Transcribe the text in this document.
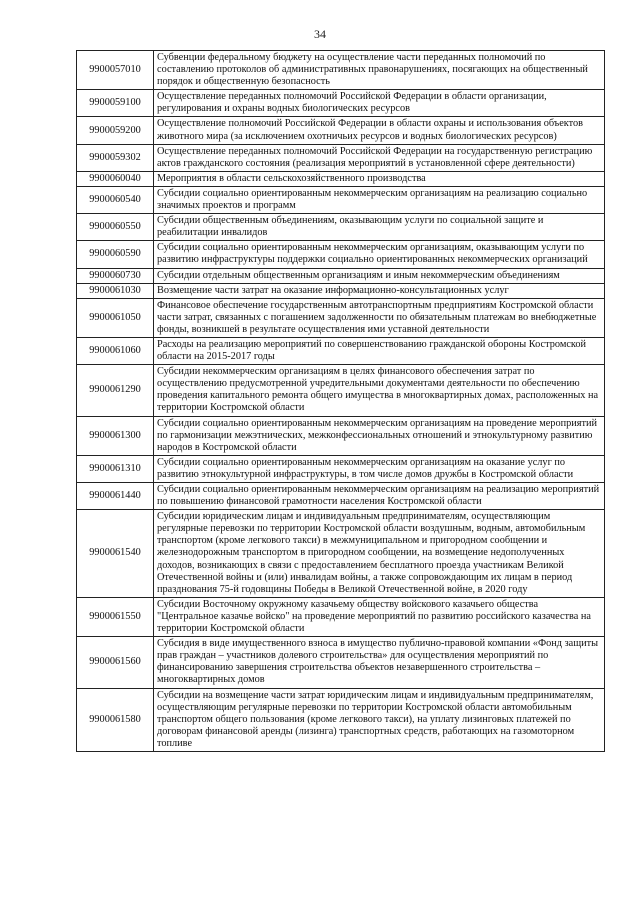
34
9900057010	Субвенции федеральному бюджету на осуществление части переданных полномочий по составлению протоколов об административных правонарушениях, посягающих на общественный порядок и общественную безопасность
9900059100	Осуществление переданных полномочий Российской Федерации в области организации, регулирования и охраны водных биологических ресурсов
9900059200	Осуществление полномочий Российской Федерации в области охраны и использования объектов животного мира (за исключением охотничьих ресурсов и водных биологических ресурсов)
9900059302	Осуществление переданных полномочий Российской Федерации на государственную регистрацию актов гражданского состояния (реализация мероприятий в установленной сфере деятельности)
9900060040	Мероприятия в области сельскохозяйственного производства
9900060540	Субсидии социально ориентированным некоммерческим организациям на реализацию социально значимых проектов и программ
9900060550	Субсидии общественным объединениям, оказывающим услуги по социальной защите и реабилитации инвалидов
9900060590	Субсидии социально ориентированным некоммерческим организациям, оказывающим услуги по развитию инфраструктуры поддержки социально ориентированных некоммерческих организаций
9900060730	Субсидии отдельным общественным организациям и иным некоммерческим объединениям
9900061030	Возмещение части затрат на оказание информационно-консультационных услуг
9900061050	Финансовое обеспечение государственным автотранспортным предприятиям Костромской области части затрат, связанных с погашением задолженности по обязательным платежам во внебюджетные фонды, возникшей в результате осуществления ими уставной деятельности
9900061060	Расходы на реализацию мероприятий по совершенствованию гражданской обороны Костромской области на 2015-2017 годы
9900061290	Субсидии некоммерческим организациям в целях финансового обеспечения затрат по осуществлению предусмотренной учредительными документами деятельности по обеспечению проведения капитального ремонта общего имущества в многоквартирных домах, расположенных на территории Костромской области
9900061300	Субсидии социально ориентированным некоммерческим организациям на проведение мероприятий по гармонизации межэтнических, межконфессиональных отношений и этнокультурному развитию народов в Костромской области
9900061310	Субсидии социально ориентированным некоммерческим организациям на оказание услуг по развитию этнокультурной инфраструктуры, в том числе домов дружбы в Костромской области
9900061440	Субсидии социально ориентированным некоммерческим организациям на реализацию мероприятий по повышению финансовой грамотности населения Костромской области
9900061540	Субсидии юридическим лицам и индивидуальным предпринимателям, осуществляющим регулярные перевозки по территории Костромской области воздушным, водным, автомобильным транспортом (кроме легкового такси) в межмуниципальном и пригородном сообщении и железнодорожным транспортом в пригородном сообщении, на возмещение недополученных доходов, возникающих в связи с предоставлением бесплатного проезда участникам Великой Отечественной войны и (или) инвалидам войны, а также сопровождающим их лицам в период празднования 75-й годовщины Победы в Великой Отечественной войне, в 2020 году
9900061550	Субсидии Восточному окружному казачьему обществу войскового казачьего общества "Центральное казачье войско" на проведение мероприятий по развитию российского казачества на территории Костромской области
9900061560	Субсидия в виде имущественного взноса в имущество публично-правовой компании «Фонд защиты прав граждан – участников долевого строительства» для осуществления мероприятий по финансированию завершения строительства объектов незавершенного строительства – многоквартирных домов
9900061580	Субсидии на возмещение части затрат юридическим лицам и индивидуальным предпринимателям, осуществляющим регулярные перевозки по территории Костромской области автомобильным транспортом общего пользования (кроме легкового такси), на уплату лизинговых платежей по договорам финансовой аренды (лизинга) транспортных средств, работающих на газомоторном топливе
